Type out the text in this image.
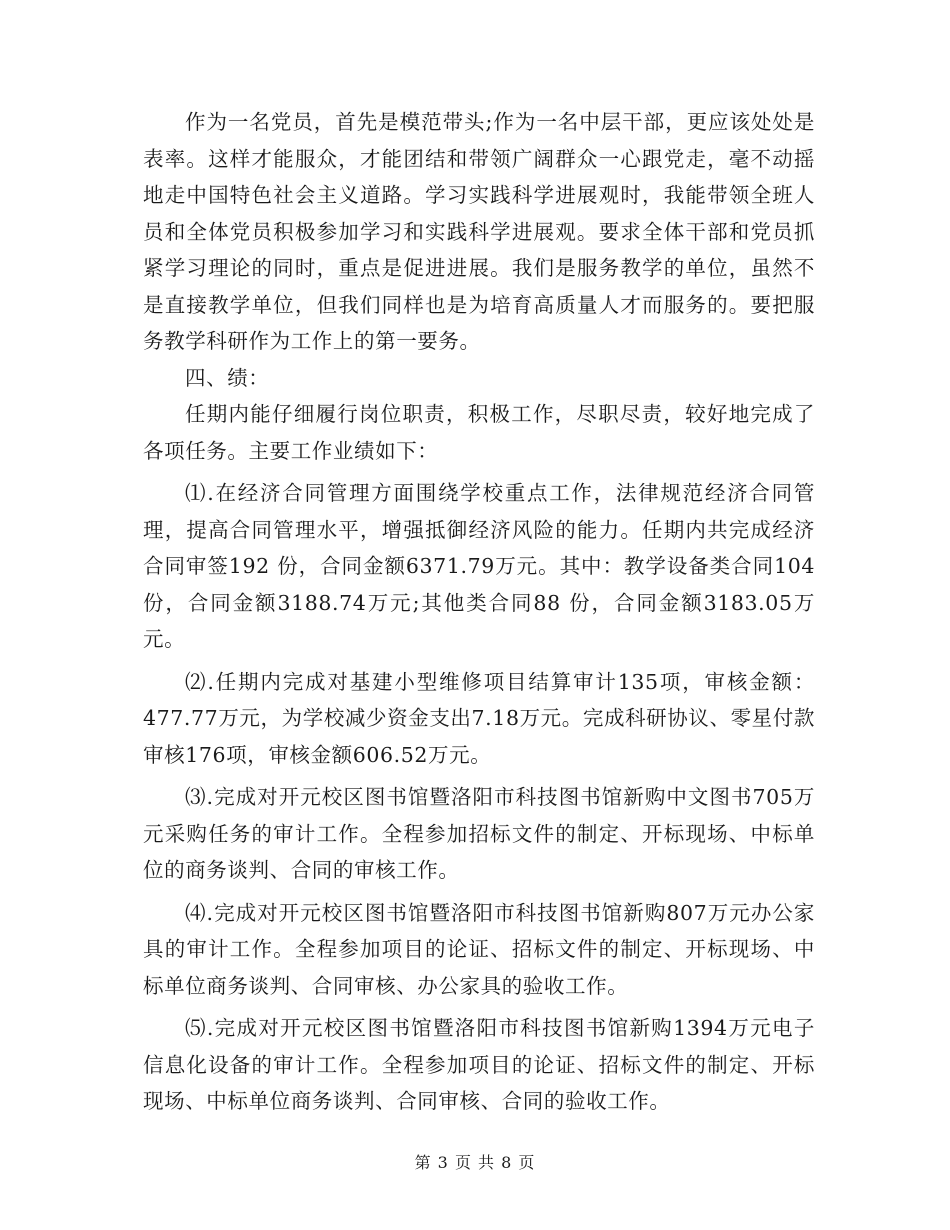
作为一名党员，首先是模范带头;作为一名中层干部，更应该处处是表率。这样才能服众，才能团结和带领广阔群众一心跟党走，毫不动摇地走中国特色社会主义道路。学习实践科学进展观时，我能带领全班人员和全体党员积极参加学习和实践科学进展观。要求全体干部和党员抓紧学习理论的同时，重点是促进进展。我们是服务教学的单位，虽然不是直接教学单位，但我们同样也是为培育高质量人才而服务的。要把服务教学科研作为工作上的第一要务。

四、绩：

任期内能仔细履行岗位职责，积极工作，尽职尽责，较好地完成了各项任务。主要工作业绩如下：

⑴.在经济合同管理方面围绕学校重点工作，法律规范经济合同管理，提高合同管理水平，增强抵御经济风险的能力。任期内共完成经济合同审签192 份，合同金额6371.79万元。其中：教学设备类合同104 份，合同金额3188.74万元;其他类合同88 份，合同金额3183.05万元。

⑵.任期内完成对基建小型维修项目结算审计135项，审核金额：477.77万元，为学校减少资金支出7.18万元。完成科研协议、零星付款审核176项，审核金额606.52万元。

⑶.完成对开元校区图书馆暨洛阳市科技图书馆新购中文图书705万元采购任务的审计工作。全程参加招标文件的制定、开标现场、中标单位的商务谈判、合同的审核工作。

⑷.完成对开元校区图书馆暨洛阳市科技图书馆新购807万元办公家具的审计工作。全程参加项目的论证、招标文件的制定、开标现场、中标单位商务谈判、合同审核、办公家具的验收工作。

⑸.完成对开元校区图书馆暨洛阳市科技图书馆新购1394万元电子信息化设备的审计工作。全程参加项目的论证、招标文件的制定、开标现场、中标单位商务谈判、合同审核、合同的验收工作。

第 3 页 共 8 页
